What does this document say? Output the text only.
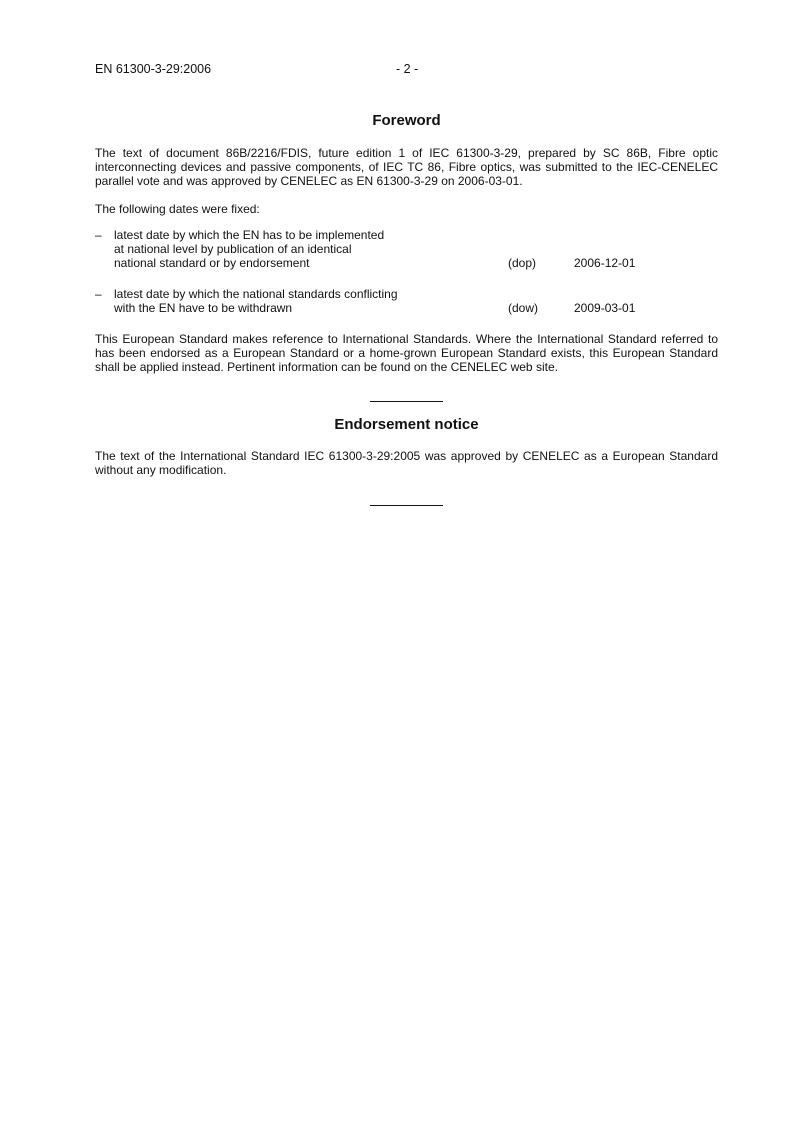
EN 61300-3-29:2006	- 2 -
Foreword

The text of document 86B/2216/FDIS, future edition 1 of IEC 61300-3-29, prepared by SC 86B, Fibre optic interconnecting devices and passive components, of IEC TC 86, Fibre optics, was submitted to the IEC-CENELEC parallel vote and was approved by CENELEC as EN 61300-3-29 on 2006-03-01.

The following dates were fixed:

– latest date by which the EN has to be implemented
at national level by publication of an identical
national standard or by endorsement	(dop)	2006-12-01
– latest date by which the national standards conflicting
with the EN have to be withdrawn	(dow)	2009-03-01

This European Standard makes reference to International Standards. Where the International Standard referred to has been endorsed as a European Standard or a home-grown European Standard exists, this European Standard shall be applied instead. Pertinent information can be found on the CENELEC web site.

Endorsement notice

The text of the International Standard IEC 61300-3-29:2005 was approved by CENELEC as a European Standard without any modification.
